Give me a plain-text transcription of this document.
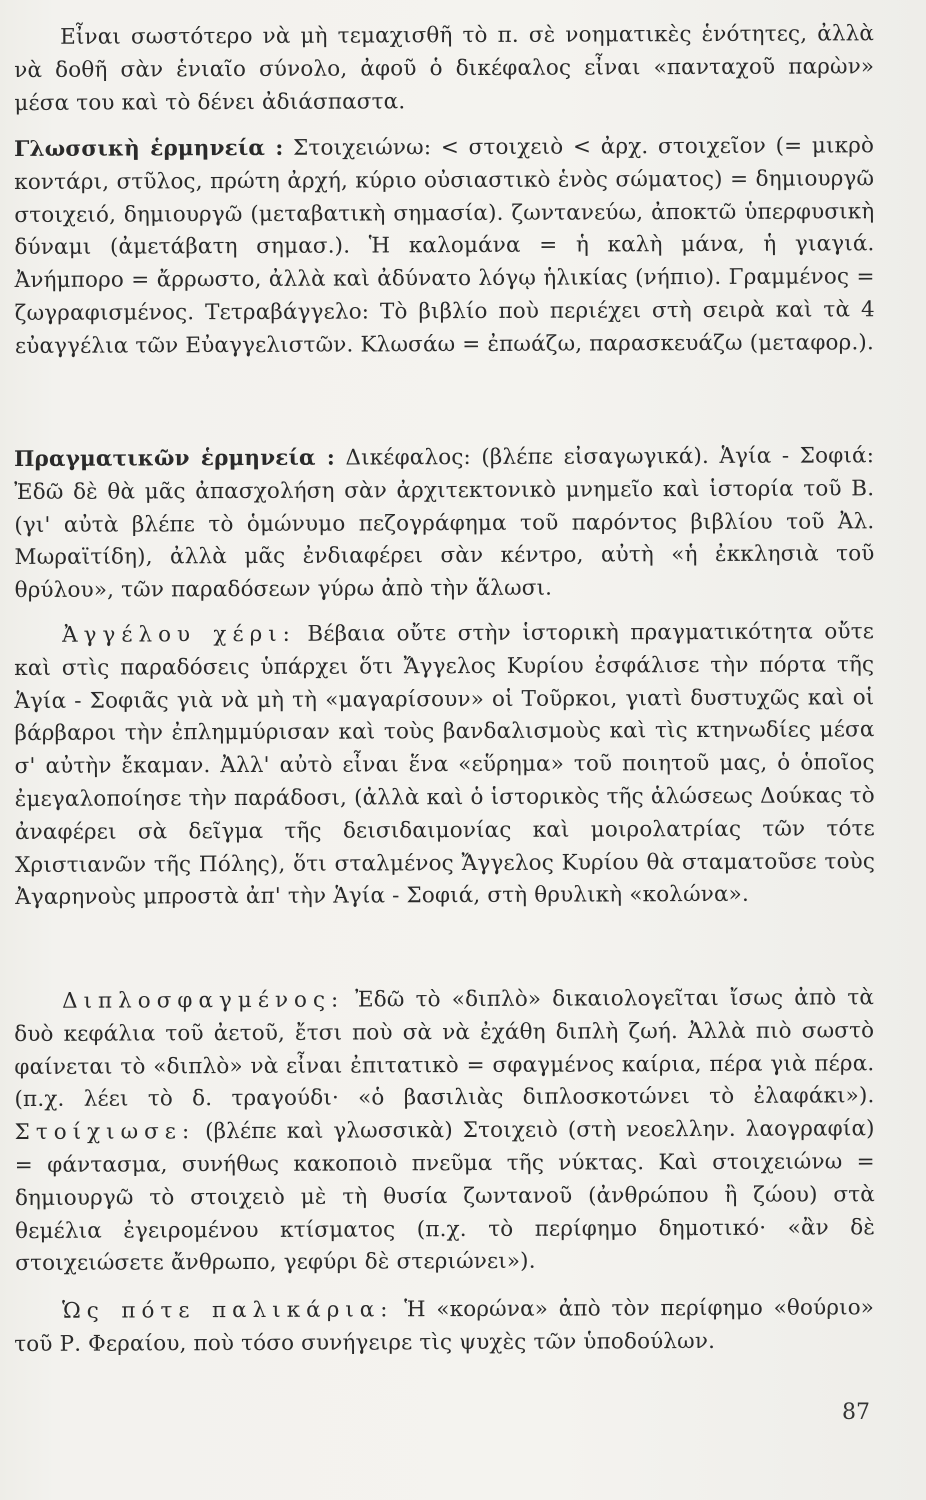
Εἶναι σωστότερο νὰ μὴ τεμαχισθῆ τὸ π. σὲ νοηματικὲς ἑνότητες, ἀλλὰ νὰ δοθῆ σὰν ἑνιαῖο σύνολο, ἀφοῦ ὁ δικέφαλος εἶναι «πανταχοῦ παρὼν» μέσα του καὶ τὸ δένει ἀδιάσπαστα.

Γλωσσικὴ ἑρμηνεία : Στοιχειώνω: < στοιχειὸ < ἀρχ. στοιχεῖον (= μικρὸ κοντάρι, στῦλος, πρώτη ἀρχή, κύριο οὐσιαστικὸ ἑνὸς σώματος) = δημιουργῶ στοιχειό, δημιουργῶ (μεταβατικὴ σημασία). ζωντανεύω, ἀποκτῶ ὑπερφυσικὴ δύναμι (ἀμετάβατη σημασ.). Ἡ καλομάνα = ἡ καλὴ μάνα, ἡ γιαγιά. Ἀνήμπορο = ἄρρωστο, ἀλλὰ καὶ ἀδύνατο λόγῳ ἡλικίας (νήπιο). Γραμμένος = ζωγραφισμένος. Τετραβάγγελο: Τὸ βιβλίο ποὺ περιέχει στὴ σειρὰ καὶ τὰ 4 εὐαγγέλια τῶν Εὐαγγελιστῶν. Κλωσάω = ἐπωάζω, παρασκευάζω (μεταφορ.).

Πραγματικῶν ἑρμηνεία : Δικέφαλος: (βλέπε εἰσαγωγικά). Ἁγία - Σοφιά: Ἐδῶ δὲ θὰ μᾶς ἀπασχολήση σὰν ἀρχιτεκτονικὸ μνημεῖο καὶ ἱστορία τοῦ Β. (γι' αὐτὰ βλέπε τὸ ὁμώνυμο πεζογράφημα τοῦ παρόντος βιβλίου τοῦ Ἀλ. Μωραϊτίδη), ἀλλὰ μᾶς ἐνδιαφέρει σὰν κέντρο, αὐτὴ «ἡ ἐκκλησιὰ τοῦ θρύλου», τῶν παραδόσεων γύρω ἀπὸ τὴν ἅλωσι.

Ἀγγέλου χέρι: Βέβαια οὔτε στὴν ἱστορικὴ πραγματικότητα οὔτε καὶ στὶς παραδόσεις ὑπάρχει ὅτι Ἄγγελος Κυρίου ἐσφάλισε τὴν πόρτα τῆς Ἁγία - Σοφιᾶς γιὰ νὰ μὴ τὴ «μαγαρίσουν» οἱ Τοῦρκοι, γιατὶ δυστυχῶς καὶ οἱ βάρβαροι τὴν ἐπλημμύρισαν καὶ τοὺς βανδαλισμοὺς καὶ τὶς κτηνωδίες μέσα σ' αὐτὴν ἔκαμαν. Ἀλλ' αὐτὸ εἶναι ἕνα «εὕρημα» τοῦ ποιητοῦ μας, ὁ ὁποῖος ἐμεγαλοποίησε τὴν παράδοσι, (ἀλλὰ καὶ ὁ ἱστορικὸς τῆς ἁλώσεως Δούκας τὸ ἀναφέρει σὰ δεῖγμα τῆς δεισιδαιμονίας καὶ μοιρολατρίας τῶν τότε Χριστιανῶν τῆς Πόλης), ὅτι σταλμένος Ἄγγελος Κυρίου θὰ σταματοῦσε τοὺς Ἀγαρηνοὺς μπροστὰ ἀπ' τὴν Ἁγία - Σοφιά, στὴ θρυλικὴ «κολώνα».

Διπλοσφαγμένος: Ἐδῶ τὸ «διπλὸ» δικαιολογεῖται ἴσως ἀπὸ τὰ δυὸ κεφάλια τοῦ ἀετοῦ, ἔτσι ποὺ σὰ νὰ ἐχάθη διπλὴ ζωή. Ἀλλὰ πιὸ σωστὸ φαίνεται τὸ «διπλὸ» νὰ εἶναι ἐπιτατικὸ = σφαγμένος καίρια, πέρα γιὰ πέρα. (π.χ. λέει τὸ δ. τραγούδι· «ὁ βασιλιὰς διπλοσκοτώνει τὸ ἐλαφάκι»). Στοίχιωσε: (βλέπε καὶ γλωσσικὰ) Στοιχειὸ (στὴ νεοελλην. λαογραφία) = φάντασμα, συνήθως κακοποιὸ πνεῦμα τῆς νύκτας. Καὶ στοιχειώνω = δημιουργῶ τὸ στοιχειὸ μὲ τὴ θυσία ζωντανοῦ (ἀνθρώπου ἢ ζώου) στὰ θεμέλια ἐγειρομένου κτίσματος (π.χ. τὸ περίφημο δημοτικό· «ἂν δὲ στοιχειώσετε ἄνθρωπο, γεφύρι δὲ στεριώνει»).

Ὡς πότε παλικάρια: Ἡ «κορώνα» ἀπὸ τὸν περίφημο «θούριο» τοῦ Ρ. Φεραίου, ποὺ τόσο συνήγειρε τὶς ψυχὲς τῶν ὑποδούλων.

87
